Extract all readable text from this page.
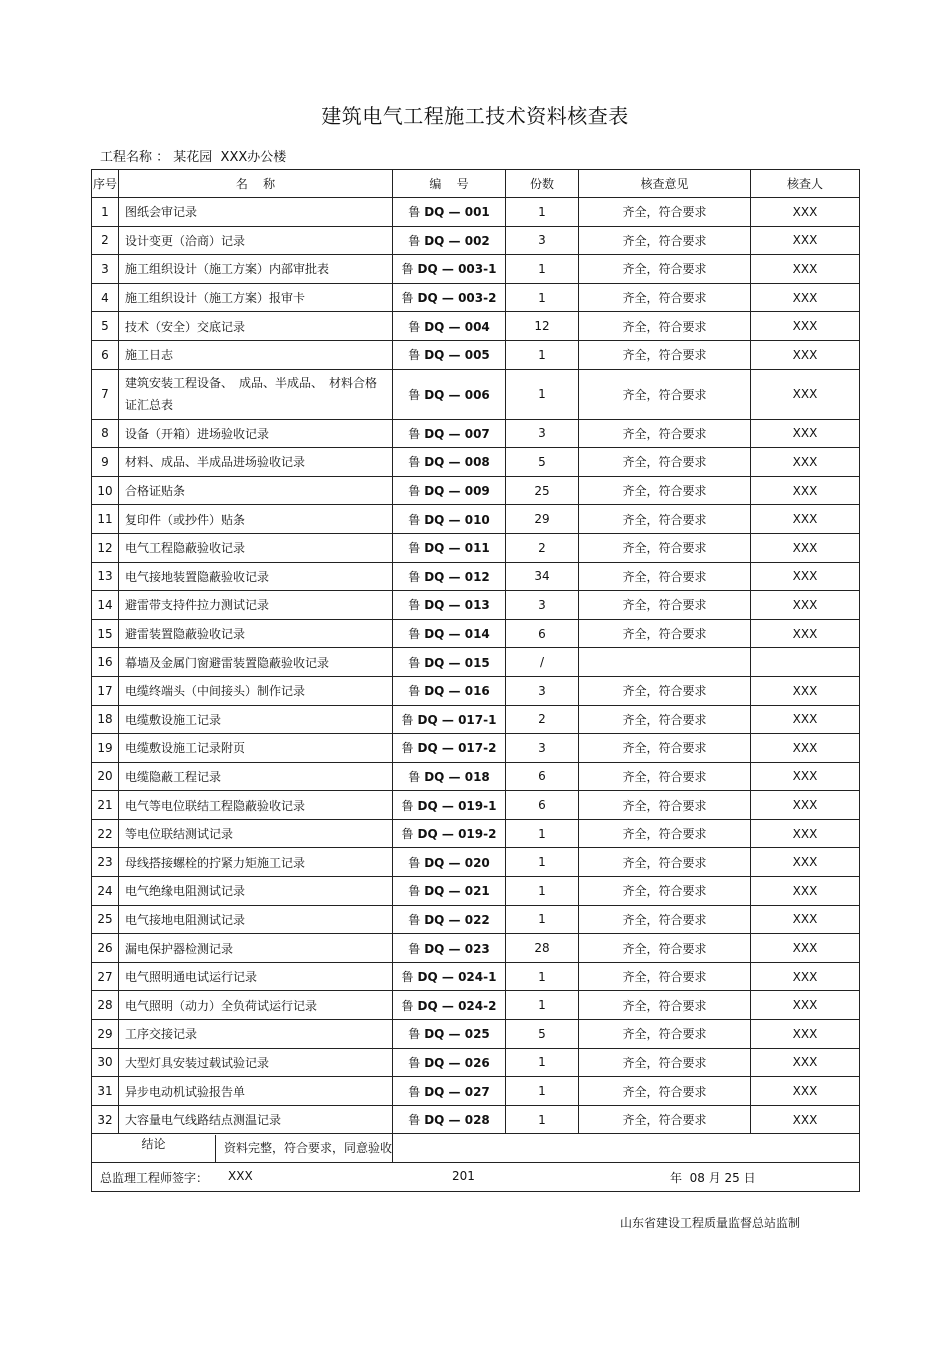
建筑电气工程施工技术资料核查表
工程名称 ： 某花园  XXX办公楼
序号	名    称	编    号	份数	核查意见	核查人
1	图纸会审记录	鲁 DQ — 001	1	齐全，符合要求	XXX
2	设计变更（洽商）记录	鲁 DQ — 002	3	齐全，符合要求	XXX
3	施工组织设计（施工方案）内部审批表	鲁 DQ — 003-1	1	齐全，符合要求	XXX
4	施工组织设计（施工方案）报审卡	鲁 DQ — 003-2	1	齐全，符合要求	XXX
5	技术（安全）交底记录	鲁 DQ — 004	12	齐全，符合要求	XXX
6	施工日志	鲁 DQ — 005	1	齐全，符合要求	XXX
7	建筑安装工程设备、　成品、半成品、　材料合格证汇总表	鲁 DQ — 006	1	齐全，符合要求	XXX
8	设备（开箱）进场验收记录	鲁 DQ — 007	3	齐全，符合要求	XXX
9	材料、成品、半成品进场验收记录	鲁 DQ — 008	5	齐全，符合要求	XXX
10	合格证贴条	鲁 DQ — 009	25	齐全，符合要求	XXX
11	复印件（或抄件）贴条	鲁 DQ — 010	29	齐全，符合要求	XXX
12	电气工程隐蔽验收记录	鲁 DQ — 011	2	齐全，符合要求	XXX
13	电气接地装置隐蔽验收记录	鲁 DQ — 012	34	齐全，符合要求	XXX
14	避雷带支持件拉力测试记录	鲁 DQ — 013	3	齐全，符合要求	XXX
15	避雷装置隐蔽验收记录	鲁 DQ — 014	6	齐全，符合要求	XXX
16	幕墙及金属门窗避雷装置隐蔽验收记录	鲁 DQ — 015	/		
17	电缆终端头（中间接头）制作记录	鲁 DQ — 016	3	齐全，符合要求	XXX
18	电缆敷设施工记录	鲁 DQ — 017-1	2	齐全，符合要求	XXX
19	电缆敷设施工记录附页	鲁 DQ — 017-2	3	齐全，符合要求	XXX
20	电缆隐蔽工程记录	鲁 DQ — 018	6	齐全，符合要求	XXX
21	电气等电位联结工程隐蔽验收记录	鲁 DQ — 019-1	6	齐全，符合要求	XXX
22	等电位联结测试记录	鲁 DQ — 019-2	1	齐全，符合要求	XXX
23	母线搭接螺栓的拧紧力矩施工记录	鲁 DQ — 020	1	齐全，符合要求	XXX
24	电气绝缘电阻测试记录	鲁 DQ — 021	1	齐全，符合要求	XXX
25	电气接地电阻测试记录	鲁 DQ — 022	1	齐全，符合要求	XXX
26	漏电保护器检测记录	鲁 DQ — 023	28	齐全，符合要求	XXX
27	电气照明通电试运行记录	鲁 DQ — 024-1	1	齐全，符合要求	XXX
28	电气照明（动力）全负荷试运行记录	鲁 DQ — 024-2	1	齐全，符合要求	XXX
29	工序交接记录	鲁 DQ — 025	5	齐全，符合要求	XXX
30	大型灯具安装过载试验记录	鲁 DQ — 026	1	齐全，符合要求	XXX
31	异步电动机试验报告单	鲁 DQ — 027	1	齐全，符合要求	XXX
32	大容量电气线路结点测温记录	鲁 DQ — 028	1	齐全，符合要求	XXX

结论 资料完整，符合要求，同意验收					

总监理工程师签字： XXX 201 年  08 月 25 日					
山东省建设工程质量监督总站监制
